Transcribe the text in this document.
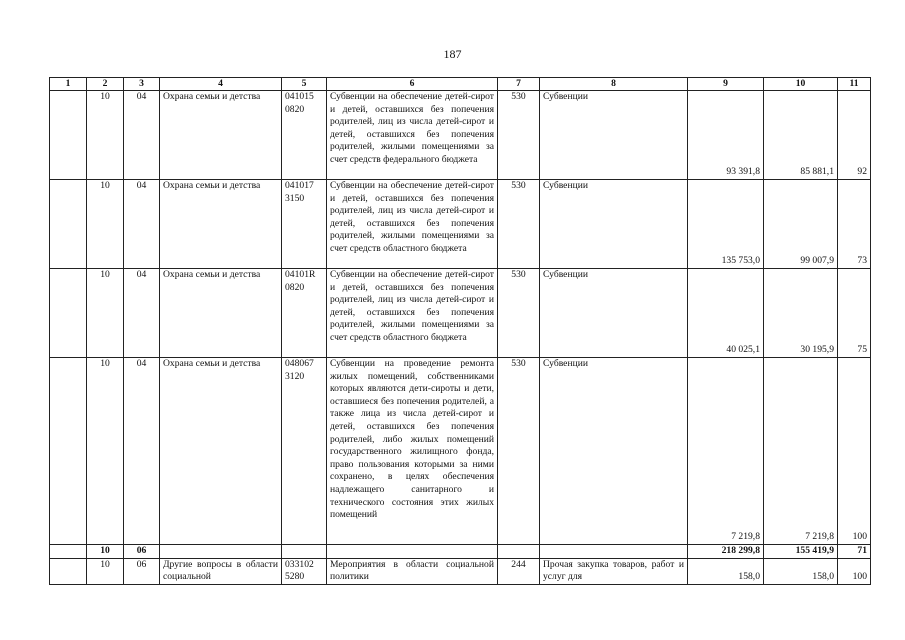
187
1	2	3	4	5	6	7	8	9	10	11
	10	04	Охрана семьи и детства	041015 0820	Субвенции на обеспечение детей-сирот и детей, оставшихся без попечения родителей, лиц из числа детей-сирот и детей, оставшихся без попечения родителей, жилыми помещениями за счет средств федерального бюджета	530	Субвенции	93 391,8	85 881,1	92
	10	04	Охрана семьи и детства	041017 3150	Субвенции на обеспечение детей-сирот и детей, оставшихся без попечения родителей, лиц из числа детей-сирот и детей, оставшихся без попечения родителей, жилыми помещениями за счет средств областного бюджета	530	Субвенции	135 753,0	99 007,9	73
	10	04	Охрана семьи и детства	04101R 0820	Субвенции на обеспечение детей-сирот и детей, оставшихся без попечения родителей, лиц из числа детей-сирот и детей, оставшихся без попечения родителей, жилыми помещениями за счет средств областного бюджета	530	Субвенции	40 025,1	30 195,9	75
	10	04	Охрана семьи и детства	048067 3120	Субвенции на проведение ремонта жилых помещений, собственниками которых являются дети-сироты и дети, оставшиеся без попечения родителей, а также лица из числа детей-сирот и детей, оставшихся без попечения родителей, либо жилых помещений государственного жилищного фонда, право пользования которыми за ними сохранено, в целях обеспечения надлежащего санитарного и технического состояния этих жилых помещений	530	Субвенции	7 219,8	7 219,8	100
	10	06						218 299,8	155 419,9	71
	10	06	Другие вопросы в области социальной	033102 5280	Мероприятия в области социальной политики	244	Прочая закупка товаров, работ и услуг для	158,0	158,0	100
